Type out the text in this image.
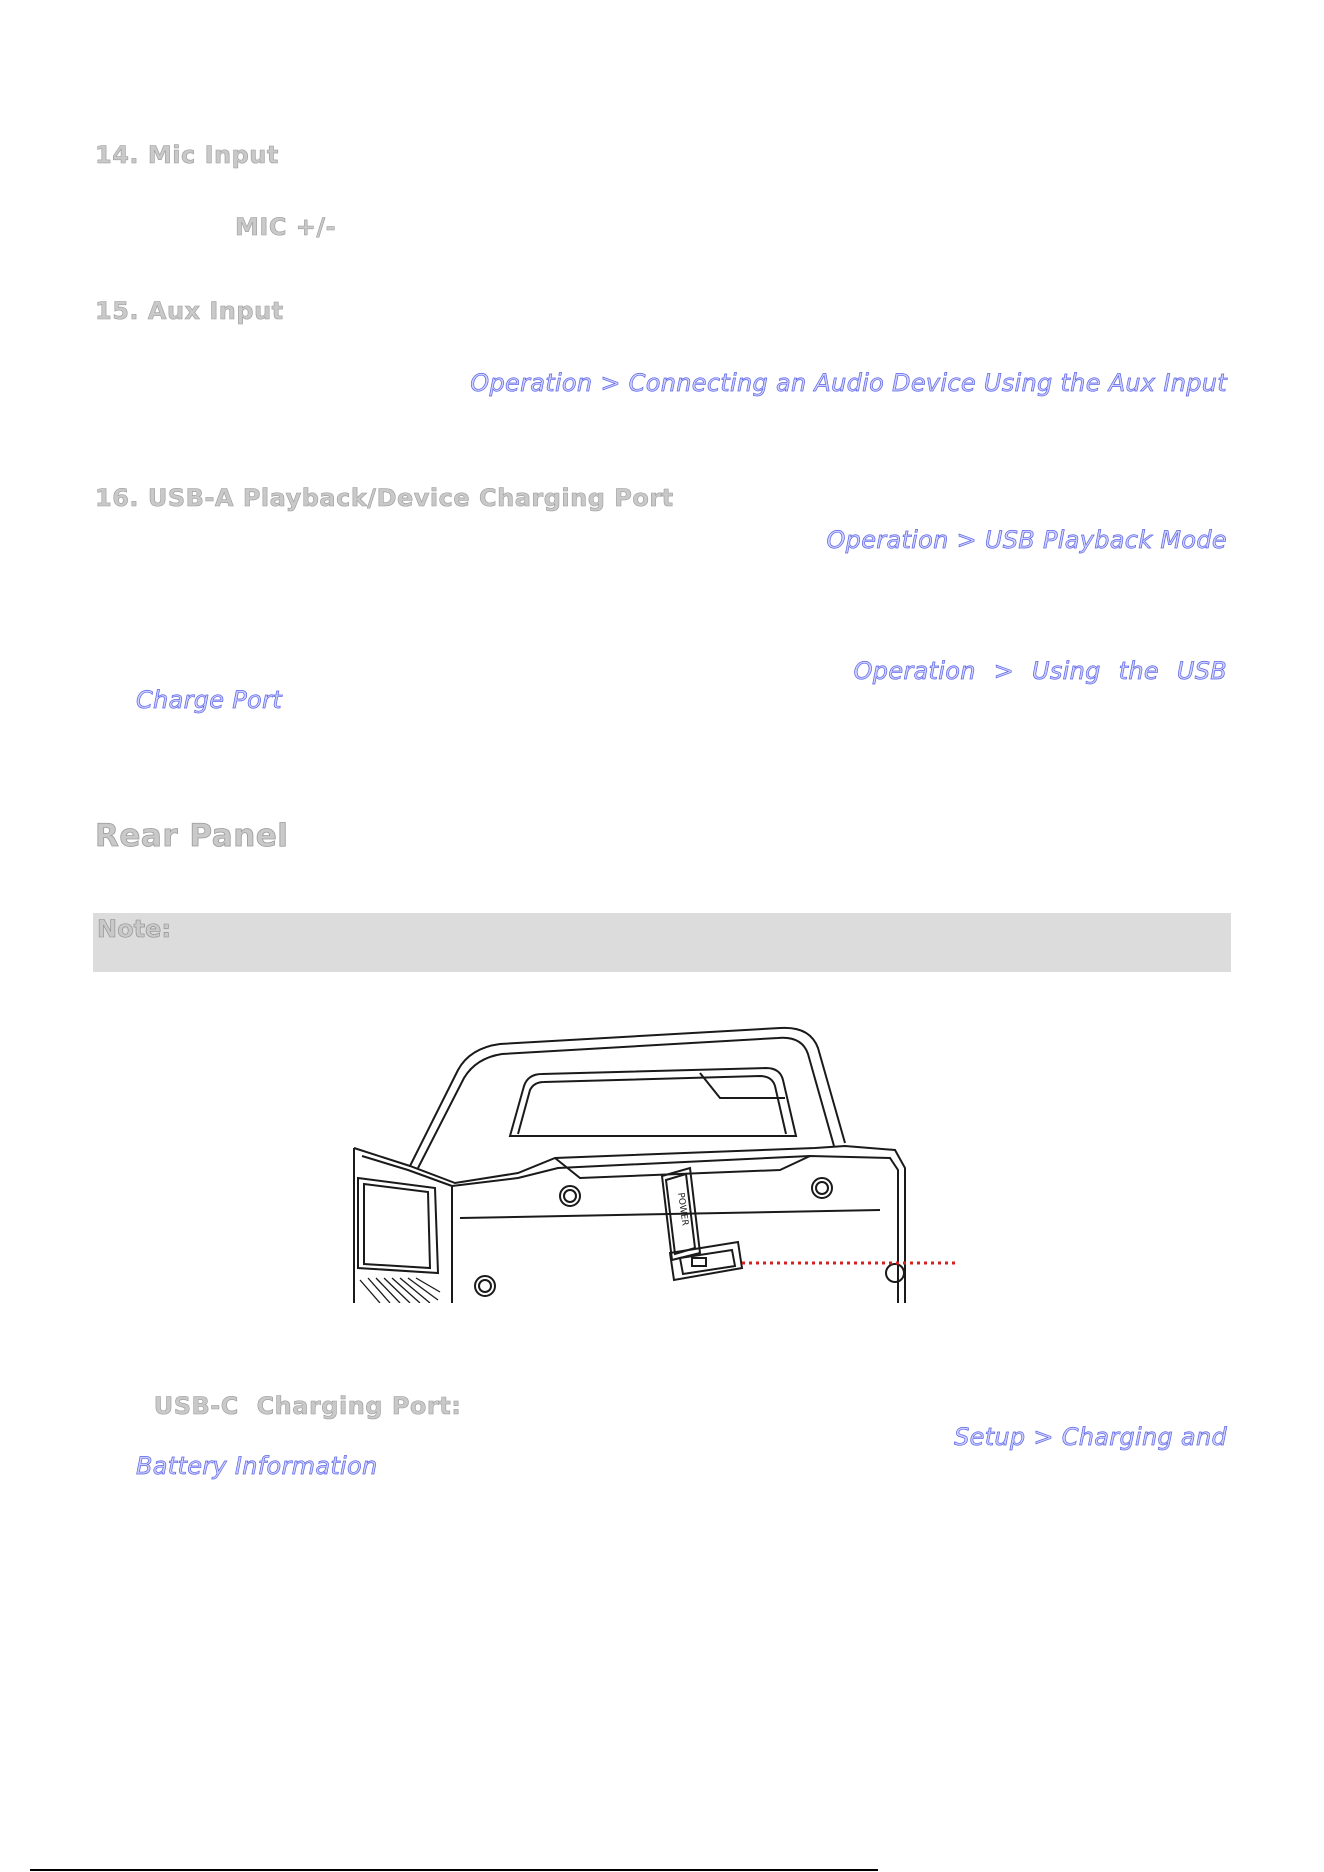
14. Mic Input
MIC +/-
15. Aux Input
Operation > Connecting an Audio Device Using the Aux Input
16. USB-A Playback/Device Charging Port
Operation > USB Playback Mode
Operation > Using the USB
Charge Port
Rear Panel
Note:
POWER

USB-C  Charging Port:

Setup > Charging and
Battery Information
